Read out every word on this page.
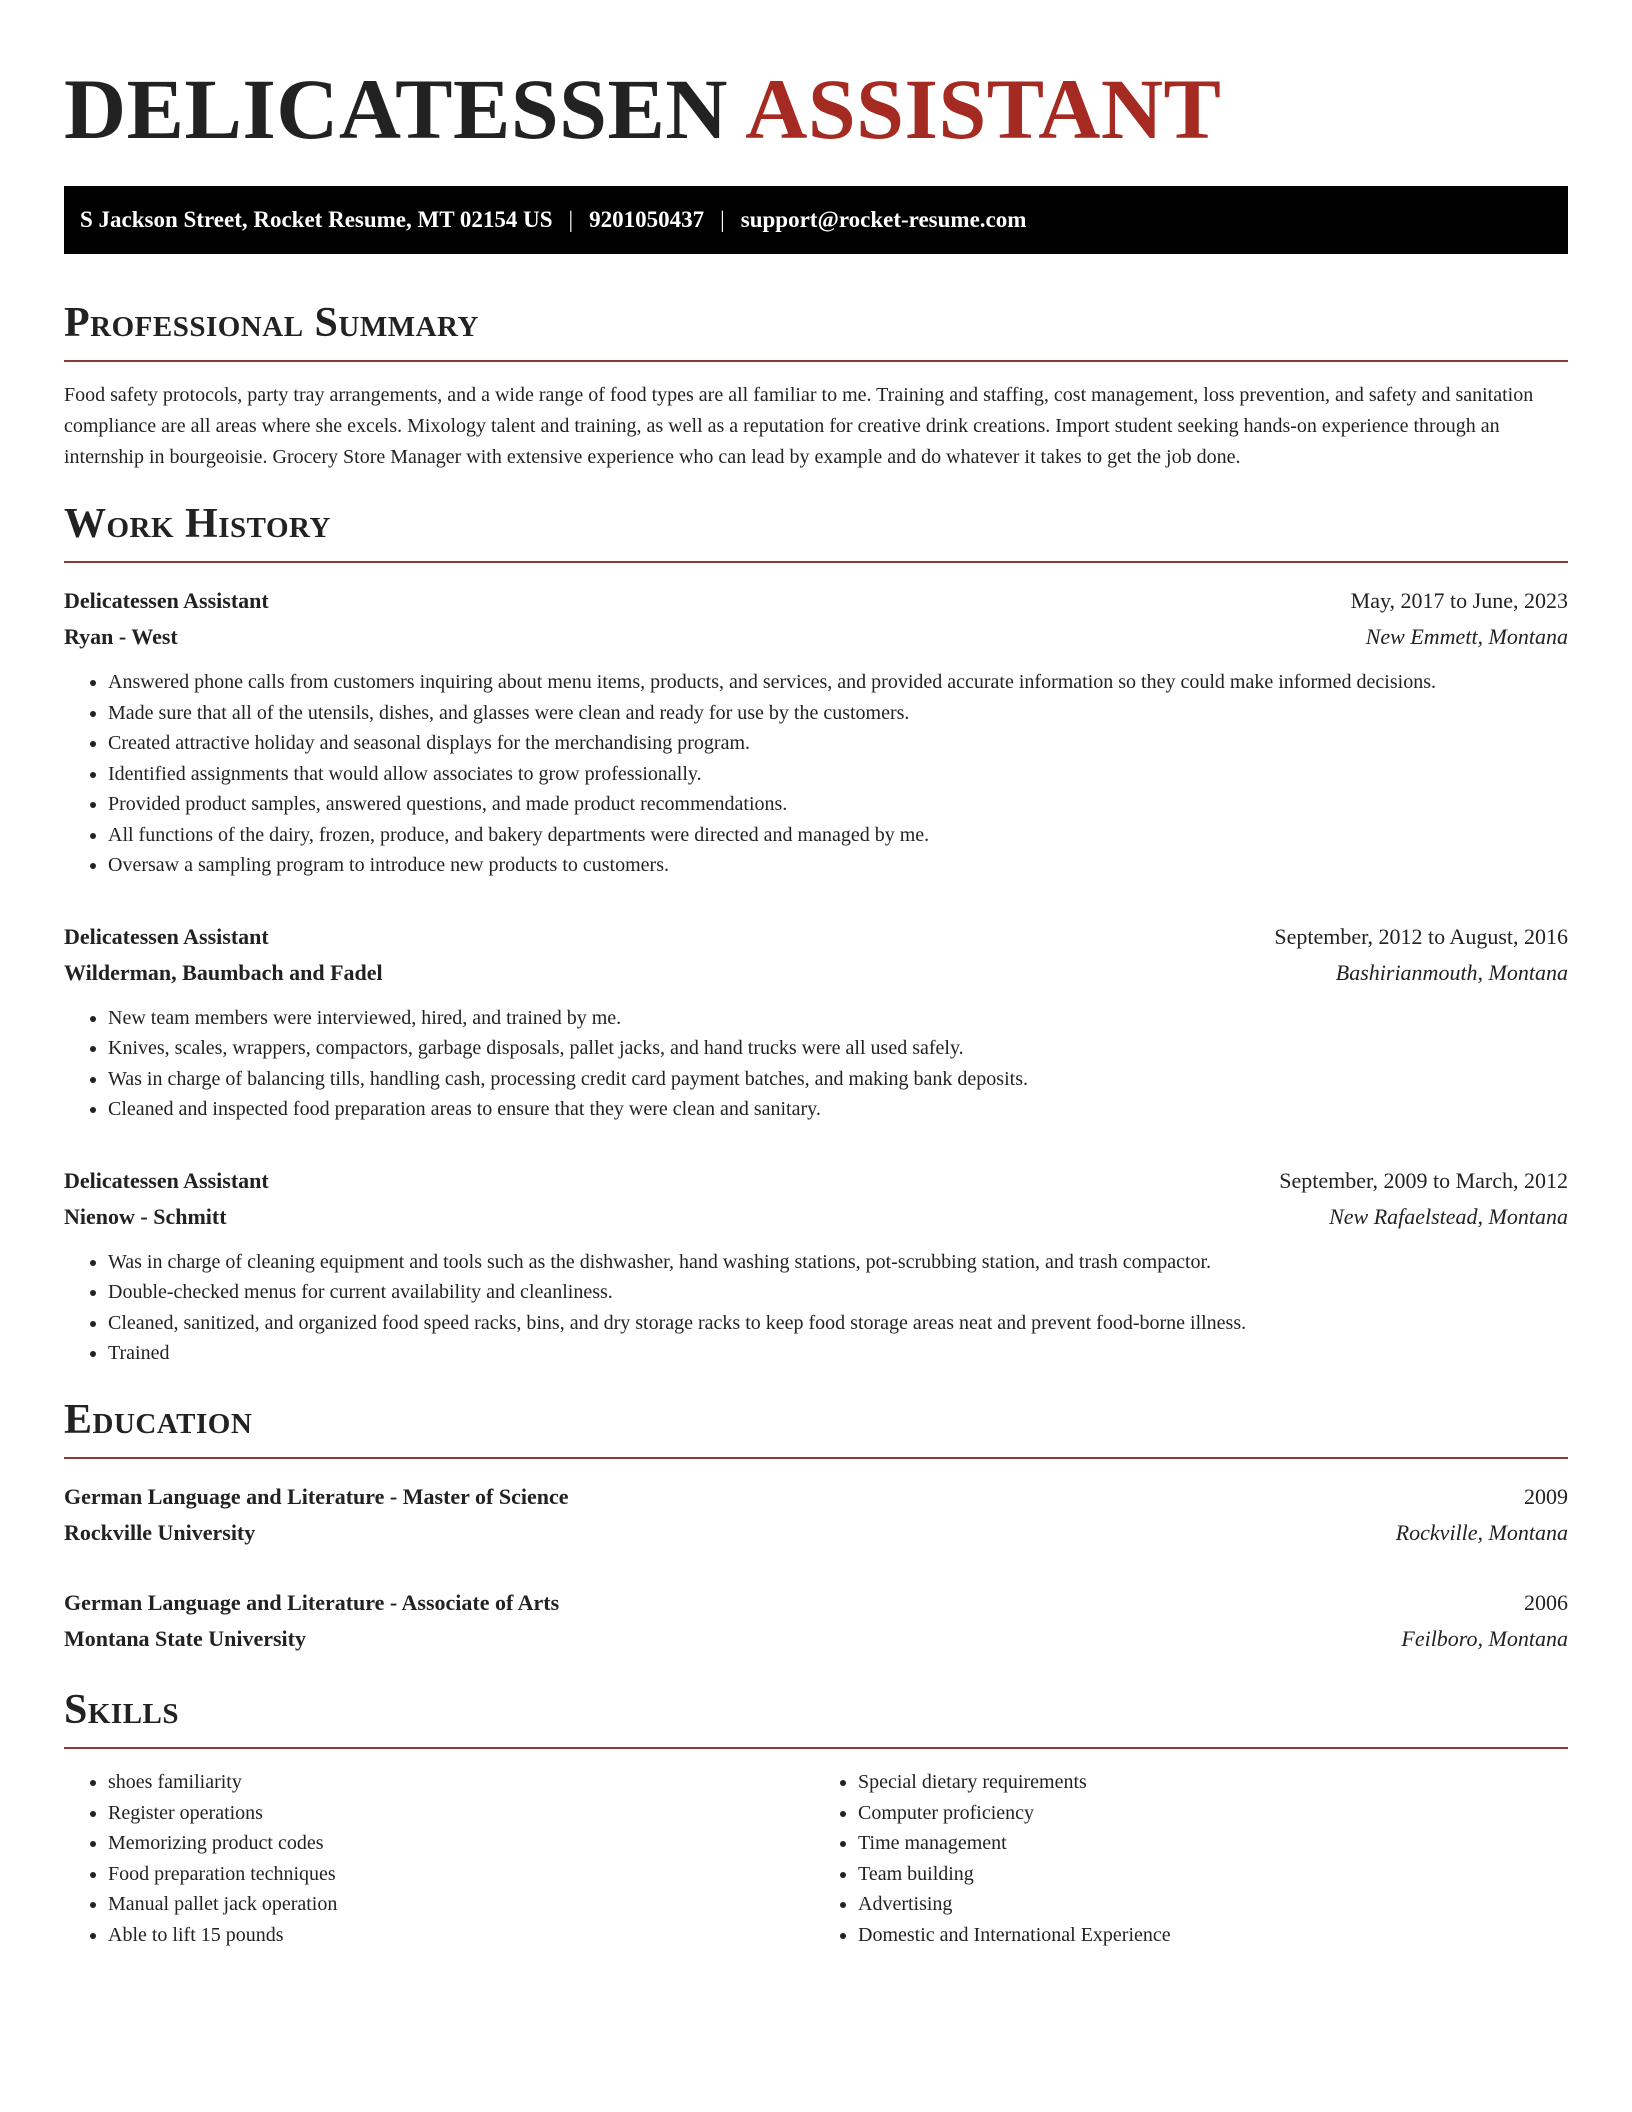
DELICATESSEN ASSISTANT
S Jackson Street, Rocket Resume, MT 02154 US | 9201050437 | support@rocket-resume.com
Professional Summary

Food safety protocols, party tray arrangements, and a wide range of food types are all familiar to me. Training and staffing, cost management, loss prevention, and safety and sanitation compliance are all areas where she excels. Mixology talent and training, as well as a reputation for creative drink creations. Import student seeking hands-on experience through an internship in bourgeoisie. Grocery Store Manager with extensive experience who can lead by example and do whatever it takes to get the job done.

Work History
Delicatessen Assistant	May, 2017 to June, 2023
Ryan - West	New Emmett, Montana
• Answered phone calls from customers inquiring about menu items, products, and services, and provided accurate information so they could make informed decisions.
• Made sure that all of the utensils, dishes, and glasses were clean and ready for use by the customers.
• Created attractive holiday and seasonal displays for the merchandising program.
• Identified assignments that would allow associates to grow professionally.
• Provided product samples, answered questions, and made product recommendations.
• All functions of the dairy, frozen, produce, and bakery departments were directed and managed by me.
• Oversaw a sampling program to introduce new products to customers.
Delicatessen Assistant	September, 2012 to August, 2016
Wilderman, Baumbach and Fadel	Bashirianmouth, Montana
• New team members were interviewed, hired, and trained by me.
• Knives, scales, wrappers, compactors, garbage disposals, pallet jacks, and hand trucks were all used safely.
• Was in charge of balancing tills, handling cash, processing credit card payment batches, and making bank deposits.
• Cleaned and inspected food preparation areas to ensure that they were clean and sanitary.
Delicatessen Assistant	September, 2009 to March, 2012
Nienow - Schmitt	New Rafaelstead, Montana
• Was in charge of cleaning equipment and tools such as the dishwasher, hand washing stations, pot-scrubbing station, and trash compactor.
• Double-checked menus for current availability and cleanliness.
• Cleaned, sanitized, and organized food speed racks, bins, and dry storage racks to keep food storage areas neat and prevent food-borne illness.
• Trained
Education
German Language and Literature - Master of Science	2009
Rockville University	Rockville, Montana
German Language and Literature - Associate of Arts	2006
Montana State University	Feilboro, Montana
Skills
• shoes familiarity
• Register operations
• Memorizing product codes
• Food preparation techniques
• Manual pallet jack operation
• Able to lift 15 pounds
• Special dietary requirements
• Computer proficiency
• Time management
• Team building
• Advertising
• Domestic and International Experience
